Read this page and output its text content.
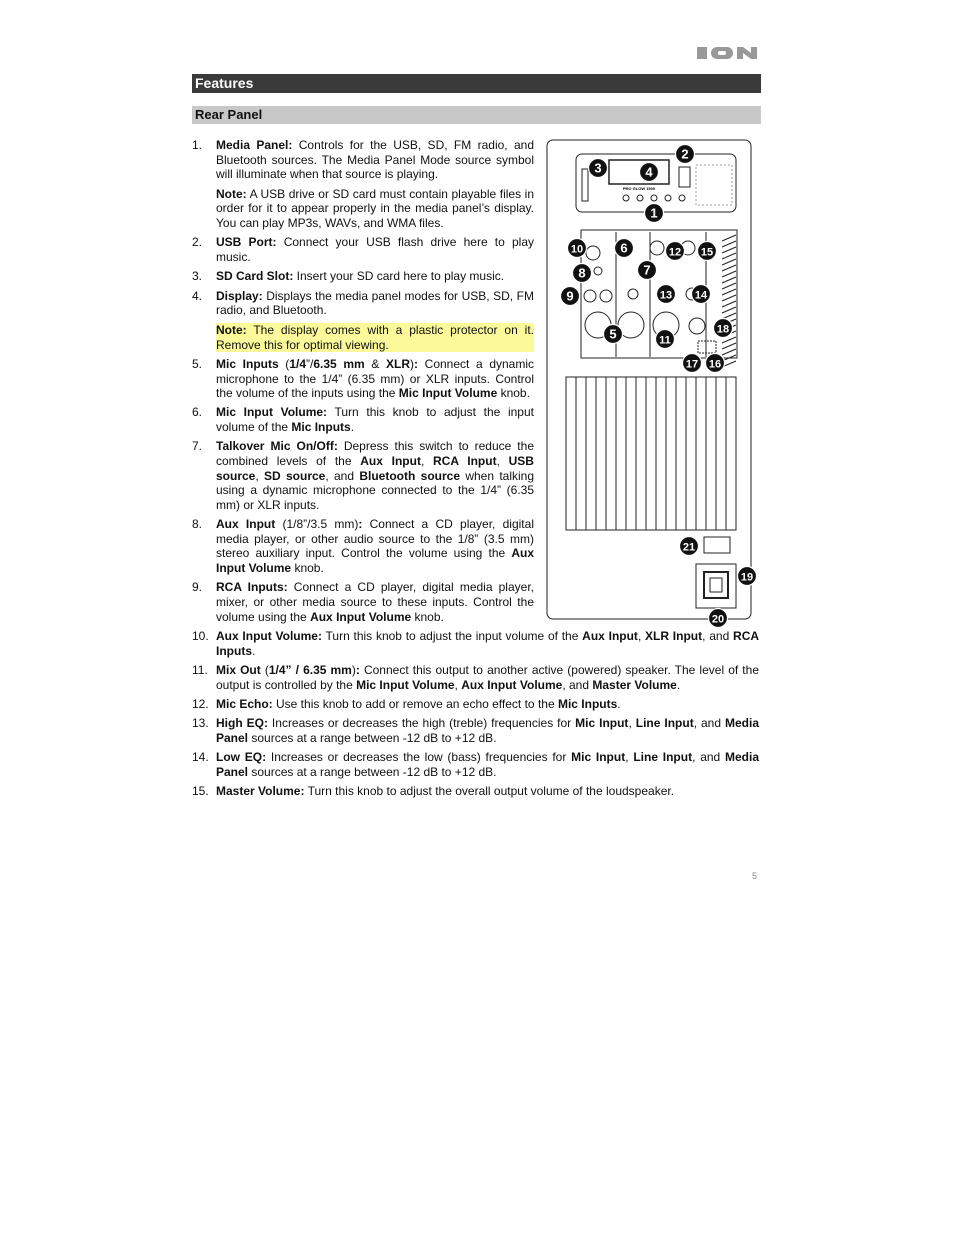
Features
Rear Panel
1.	Media Panel: Controls for the USB, SD, FM radio, and Bluetooth sources. The Media Panel Mode source symbol will illuminate when that source is playing.
Note: A USB drive or SD card must contain playable files in order for it to appear properly in the media panel’s display. You can play MP3s, WAVs, and WMA files.
2.	USB Port: Connect your USB flash drive here to play music.
3.	SD Card Slot: Insert your SD card here to play music.
4.	Display: Displays the media panel modes for USB, SD, FM radio, and Bluetooth.
Note: The display comes with a plastic protector on it. Remove this for optimal viewing.
5.	Mic Inputs (1/4”/6.35 mm & XLR): Connect a dynamic microphone to the 1/4” (6.35 mm) or XLR inputs. Control the volume of the inputs using the Mic Input Volume knob.
6.	Mic Input Volume: Turn this knob to adjust the input volume of the Mic Inputs.
7.	Talkover Mic On/Off: Depress this switch to reduce the combined levels of the Aux Input, RCA Input, USB source, SD source, and Bluetooth source when talking using a dynamic microphone connected to the 1/4” (6.35 mm) or XLR inputs.
8.	Aux Input (1/8”/3.5 mm): Connect a CD player, digital media player, or other audio source to the 1/8” (3.5 mm) stereo auxiliary input. Control the volume using the Aux Input Volume knob.
9.	RCA Inputs: Connect a CD player, digital media player, mixer, or other media source to these inputs. Control the volume using the Aux Input Volume knob.
10. Aux Input Volume: Turn this knob to adjust the input volume of the Aux Input, XLR Input, and RCA Inputs.
11. Mix Out (1/4” / 6.35 mm): Connect this output to another active (powered) speaker. The level of the output is controlled by the Mic Input Volume, Aux Input Volume, and Master Volume.
12. Mic Echo: Use this knob to add or remove an echo effect to the Mic Inputs.
13. High EQ: Increases or decreases the high (treble) frequencies for Mic Input, Line Input, and Media Panel sources at a range between -12 dB to +12 dB.
14. Low EQ: Increases or decreases the low (bass) frequencies for Mic Input, Line Input, and Media Panel sources at a range between -12 dB to +12 dB.
15. Master Volume: Turn this knob to adjust the overall output volume of the loudspeaker.
PRO GLOW 1500
1
2
3	4
5
6
7
8
9
10
11
12
13 14
15
16
17
18
19
20
21
5
